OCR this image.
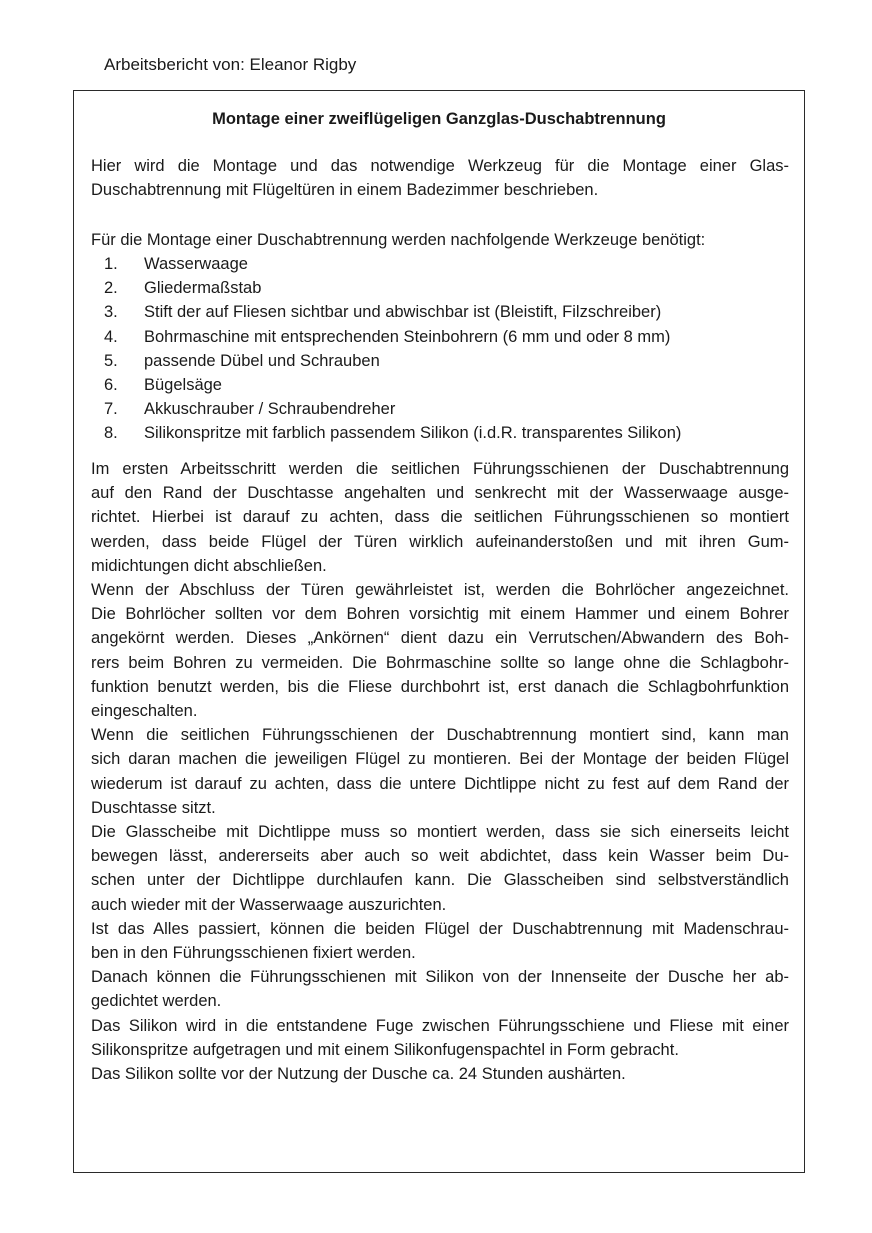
Arbeitsbericht von: Eleanor Rigby
Montage einer zweiflügeligen Ganzglas-Duschabtrennung

Hier wird die Montage und das notwendige Werkzeug für die Montage einer Glas-
Duschabtrennung mit Flügeltüren in einem Badezimmer beschrieben.

Für die Montage einer Duschabtrennung werden nachfolgende Werkzeuge benötigt:

1.	Wasserwaage
2.	Gliedermaßstab
3.	Stift der auf Fliesen sichtbar und abwischbar ist (Bleistift, Filzschreiber)
4.	Bohrmaschine mit entsprechenden Steinbohrern (6 mm und oder 8 mm)
5.	passende Dübel und Schrauben
6.	Bügelsäge
7.	Akkuschrauber / Schraubendreher
8.	Silikonspritze mit farblich passendem Silikon (i.d.R. transparentes Silikon)
Im ersten Arbeitsschritt werden die seitlichen Führungsschienen der Duschabtrennung
auf den Rand der Duschtasse angehalten und senkrecht mit der Wasserwaage ausge-
richtet. Hierbei ist darauf zu achten, dass die seitlichen Führungsschienen so montiert
werden, dass beide Flügel der Türen wirklich aufeinanderstoßen und mit ihren Gum-
midichtungen dicht abschließen.
Wenn der Abschluss der Türen gewährleistet ist, werden die Bohrlöcher angezeichnet.
Die Bohrlöcher sollten vor dem Bohren vorsichtig mit einem Hammer und einem Bohrer
angekörnt werden. Dieses „Ankörnen“ dient dazu ein Verrutschen/Abwandern des Boh-
rers beim Bohren zu vermeiden. Die Bohrmaschine sollte so lange ohne die Schlagbohr-
funktion benutzt werden, bis die Fliese durchbohrt ist, erst danach die Schlagbohrfunktion
eingeschalten.
Wenn die seitlichen Führungsschienen der Duschabtrennung montiert sind, kann man
sich daran machen die jeweiligen Flügel zu montieren. Bei der Montage der beiden Flügel
wiederum ist darauf zu achten, dass die untere Dichtlippe nicht zu fest auf dem Rand der
Duschtasse sitzt.
Die Glasscheibe mit Dichtlippe muss so montiert werden, dass sie sich einerseits leicht
bewegen lässt, andererseits aber auch so weit abdichtet, dass kein Wasser beim Du-
schen unter der Dichtlippe durchlaufen kann. Die Glasscheiben sind selbstverständlich
auch wieder mit der Wasserwaage auszurichten.
Ist das Alles passiert, können die beiden Flügel der Duschabtrennung mit Madenschrau-
ben in den Führungsschienen fixiert werden.
Danach können die Führungsschienen mit Silikon von der Innenseite der Dusche her ab-
gedichtet werden.
Das Silikon wird in die entstandene Fuge zwischen Führungsschiene und Fliese mit einer
Silikonspritze aufgetragen und mit einem Silikonfugenspachtel in Form gebracht.
Das Silikon sollte vor der Nutzung der Dusche ca. 24 Stunden aushärten.
